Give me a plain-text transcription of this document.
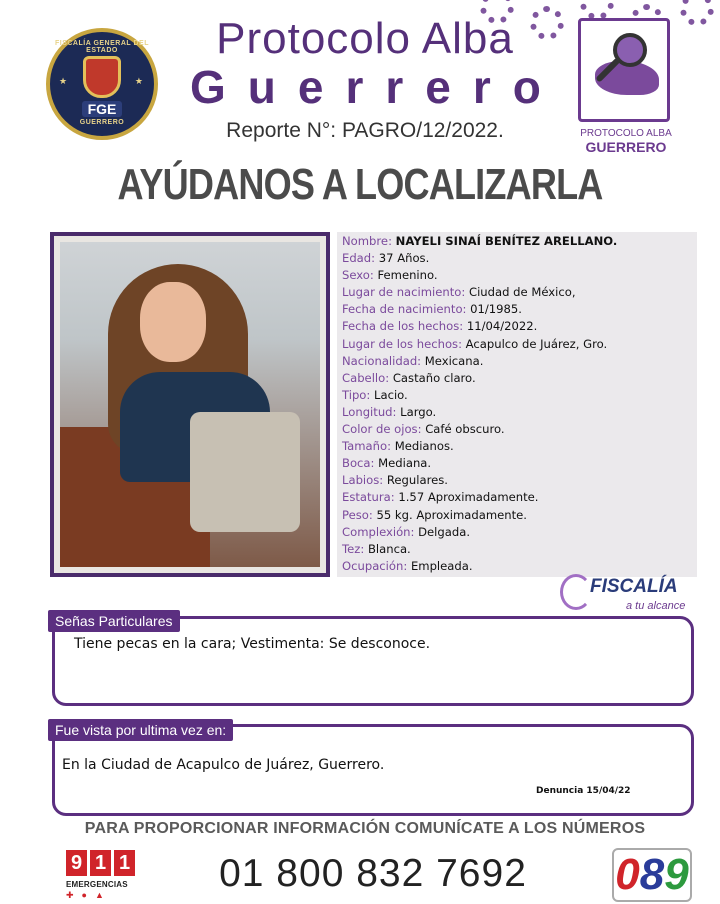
FISCALÍA GENERAL DEL ESTADO
★	★
FGE
GUERRERO
Protocolo Alba
Guerrero
Reporte N°: PAGRO/12/2022.	PROTOCOLO ALBA
GUERRERO
AYÚDANOS A LOCALIZARLA
Nombre: NAYELI SINAÍ BENÍTEZ ARELLANO.
Edad: 37 Años.
Sexo: Femenino.
Lugar de nacimiento: Ciudad de México,
Fecha de nacimiento: 01/1985.
Fecha de los hechos: 11/04/2022.
Lugar de los hechos: Acapulco de Juárez, Gro.
Nacionalidad: Mexicana.
Cabello: Castaño claro.
Tipo: Lacio.
Longitud: Largo.
Color de ojos: Café obscuro.
Tamaño: Medianos.
Boca: Mediana.
Labios: Regulares.
Estatura: 1.57 Aproximadamente.
Peso: 55 kg. Aproximadamente.
Complexión: Delgada.
Tez: Blanca.
Ocupación: Empleada.
FISCALÍA
a tu alcance
Señas Particulares
Tiene pecas en la cara; Vestimenta: Se desconoce.
Fue vista por ultima vez en:
En la Ciudad de Acapulco de Juárez, Guerrero.
Denuncia 15/04/22
PARA PROPORCIONAR INFORMACIÓN COMUNÍCATE A LOS NÚMEROS
9 1 1
EMERGENCIAS
✚●▲	01 800 832 7692 0 8 9
